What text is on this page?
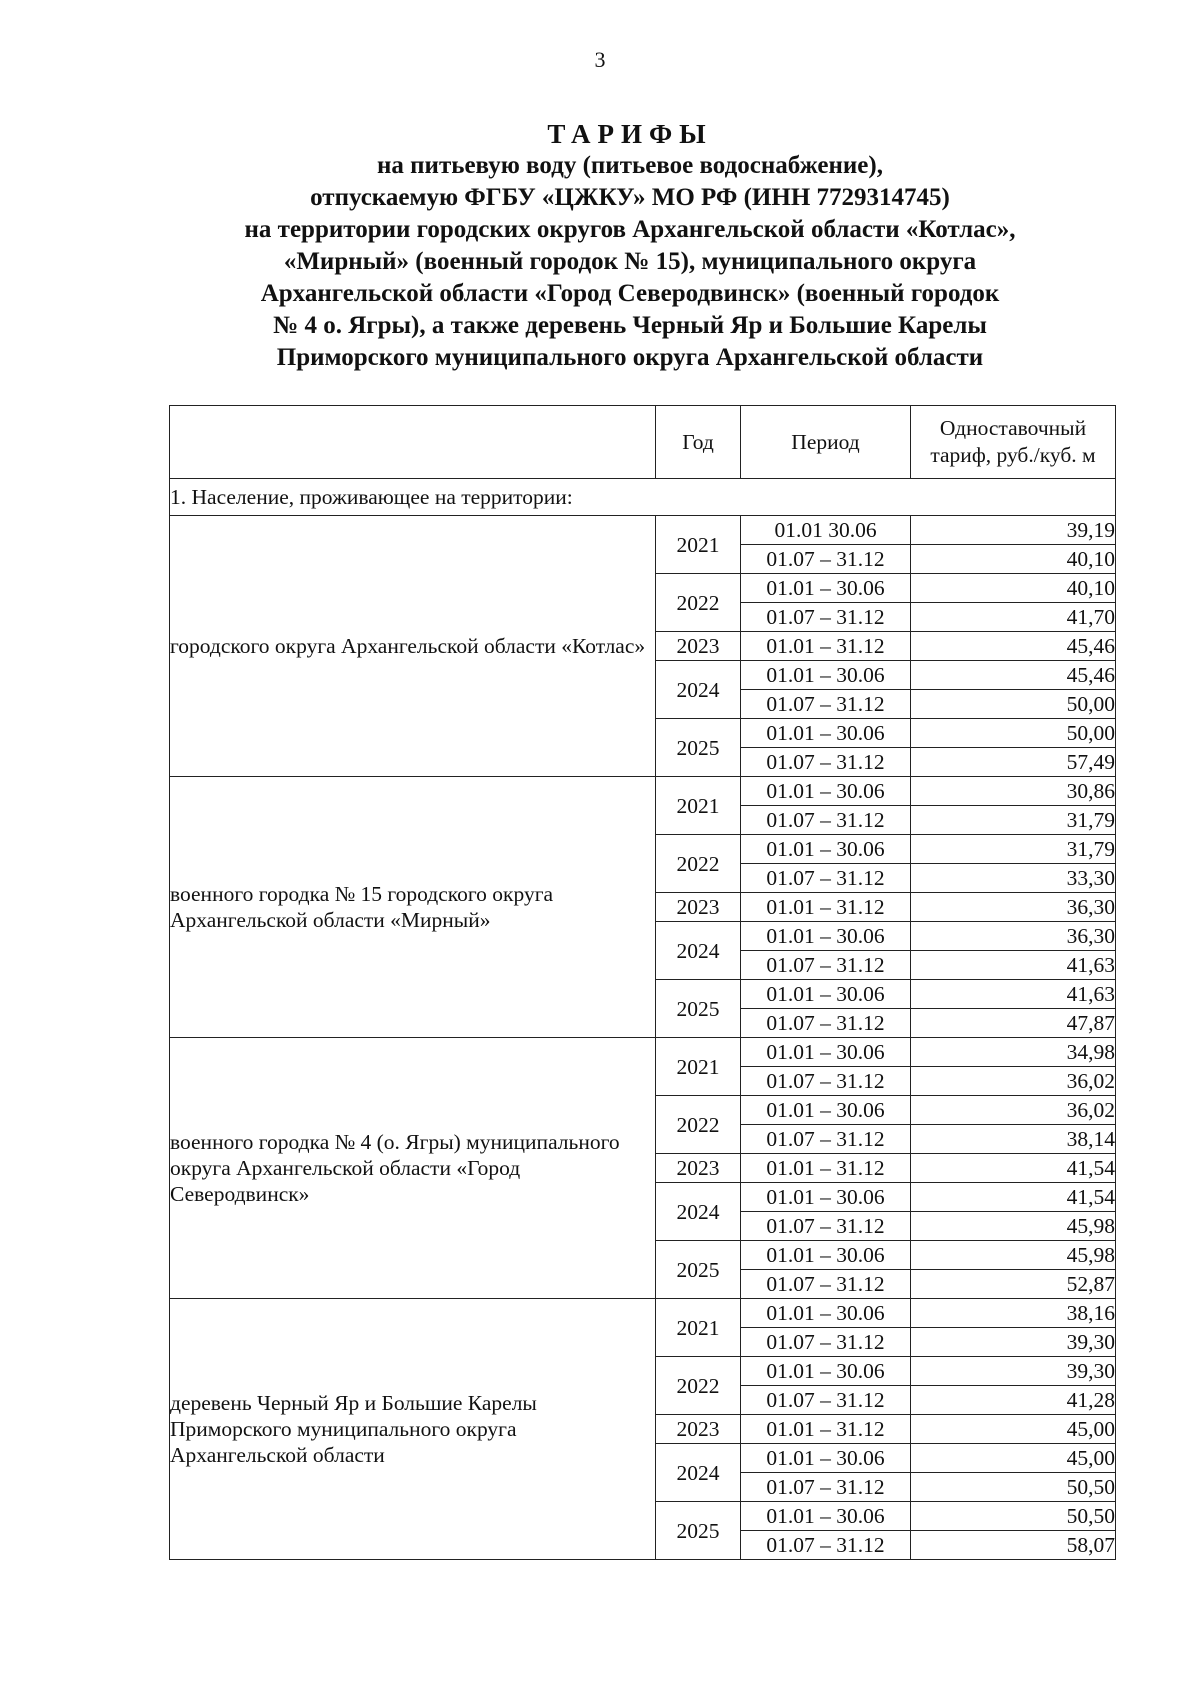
3
ТАРИФЫ
на питьевую воду (питьевое водоснабжение),
отпускаемую ФГБУ «ЦЖКУ» МО РФ (ИНН 7729314745)
на территории городских округов Архангельской области «Котлас»,
«Мирный» (военный городок № 15), муниципального округа
Архангельской области «Город Северодвинск» (военный городок
№ 4 о. Ягры), а также деревень Черный Яр и Большие Карелы
Приморского муниципального округа Архангельской области
	Год	Период	Одноставочный тариф, руб./куб. м
1. Население, проживающее на территории:			
городского округа Архангельской области «Котлас»	2021	01.01 30.06	39,19
		01.07 – 31.12	40,10
	2022	01.01 – 30.06	40,10
		01.07 – 31.12	41,70
	2023	01.01 – 31.12	45,46
	2024	01.01 – 30.06	45,46
		01.07 – 31.12	50,00
	2025	01.01 – 30.06	50,00
		01.07 – 31.12	57,49
военного городка № 15 городского округа Архангельской области «Мирный»	2021	01.01 – 30.06	30,86
		01.07 – 31.12	31,79
	2022	01.01 – 30.06	31,79
		01.07 – 31.12	33,30
	2023	01.01 – 31.12	36,30
	2024	01.01 – 30.06	36,30
		01.07 – 31.12	41,63
	2025	01.01 – 30.06	41,63
		01.07 – 31.12	47,87
военного городка № 4 (о. Ягры) муниципального округа Архангельской области «Город Северодвинск»	2021	01.01 – 30.06	34,98
		01.07 – 31.12	36,02
	2022	01.01 – 30.06	36,02
		01.07 – 31.12	38,14
	2023	01.01 – 31.12	41,54
	2024	01.01 – 30.06	41,54
		01.07 – 31.12	45,98
	2025	01.01 – 30.06	45,98
		01.07 – 31.12	52,87
деревень Черный Яр и Большие Карелы Приморского муниципального округа Архангельской области	2021	01.01 – 30.06	38,16
		01.07 – 31.12	39,30
	2022	01.01 – 30.06	39,30
		01.07 – 31.12	41,28
	2023	01.01 – 31.12	45,00
	2024	01.01 – 30.06	45,00
		01.07 – 31.12	50,50
	2025	01.01 – 30.06	50,50
		01.07 – 31.12	58,07
